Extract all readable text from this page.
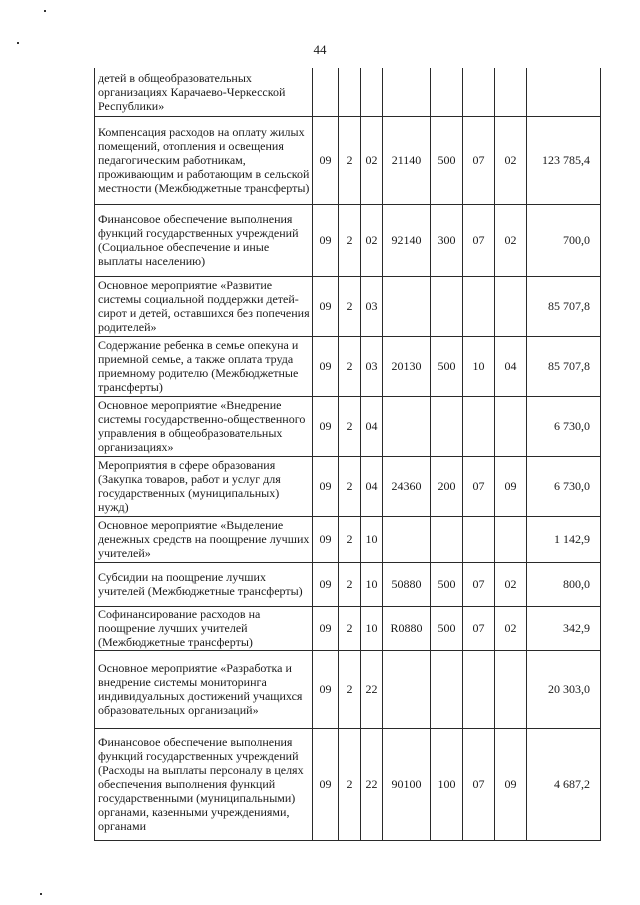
44
детей в общеобразовательных организациях Карачаево-Черкесской Республики»								
Компенсация расходов на оплату жилых помещений, отопления и освещения педагогическим работникам, проживающим и работающим в сельской местности (Межбюджетные трансферты)	09	2	02	21140	500	07	02	123 785,4
Финансовое обеспечение выполнения функций государственных учреждений (Социальное обеспечение и иные выплаты населению)	09	2	02	92140	300	07	02	700,0
Основное мероприятие «Развитие системы социальной поддержки детей-сирот и детей, оставшихся без попечения родителей»	09	2	03					85 707,8
Содержание ребенка в семье опекуна и приемной семье, а также оплата труда приемному родителю (Межбюджетные трансферты)	09	2	03	20130	500	10	04	85 707,8
Основное мероприятие «Внедрение системы государственно-общественного управления в общеобразовательных организациях»	09	2	04					6 730,0
Мероприятия в сфере образования (Закупка товаров, работ и услуг для государственных (муниципальных) нужд)	09	2	04	24360	200	07	09	6 730,0
Основное мероприятие «Выделение денежных средств на поощрение лучших учителей»	09	2	10					1 142,9
Субсидии на поощрение лучших учителей (Межбюджетные трансферты)	09	2	10	50880	500	07	02	800,0
Софинансирование расходов на поощрение лучших учителей (Межбюджетные трансферты)	09	2	10	R0880	500	07	02	342,9
Основное мероприятие «Разработка и внедрение системы мониторинга индивидуальных достижений учащихся образовательных организаций»	09	2	22					20 303,0
Финансовое обеспечение выполнения функций государственных учреждений (Расходы на выплаты персоналу в целях обеспечения выполнения функций государственными (муниципальными) органами, казенными учреждениями, органами	09	2	22	90100	100	07	09	4 687,2
